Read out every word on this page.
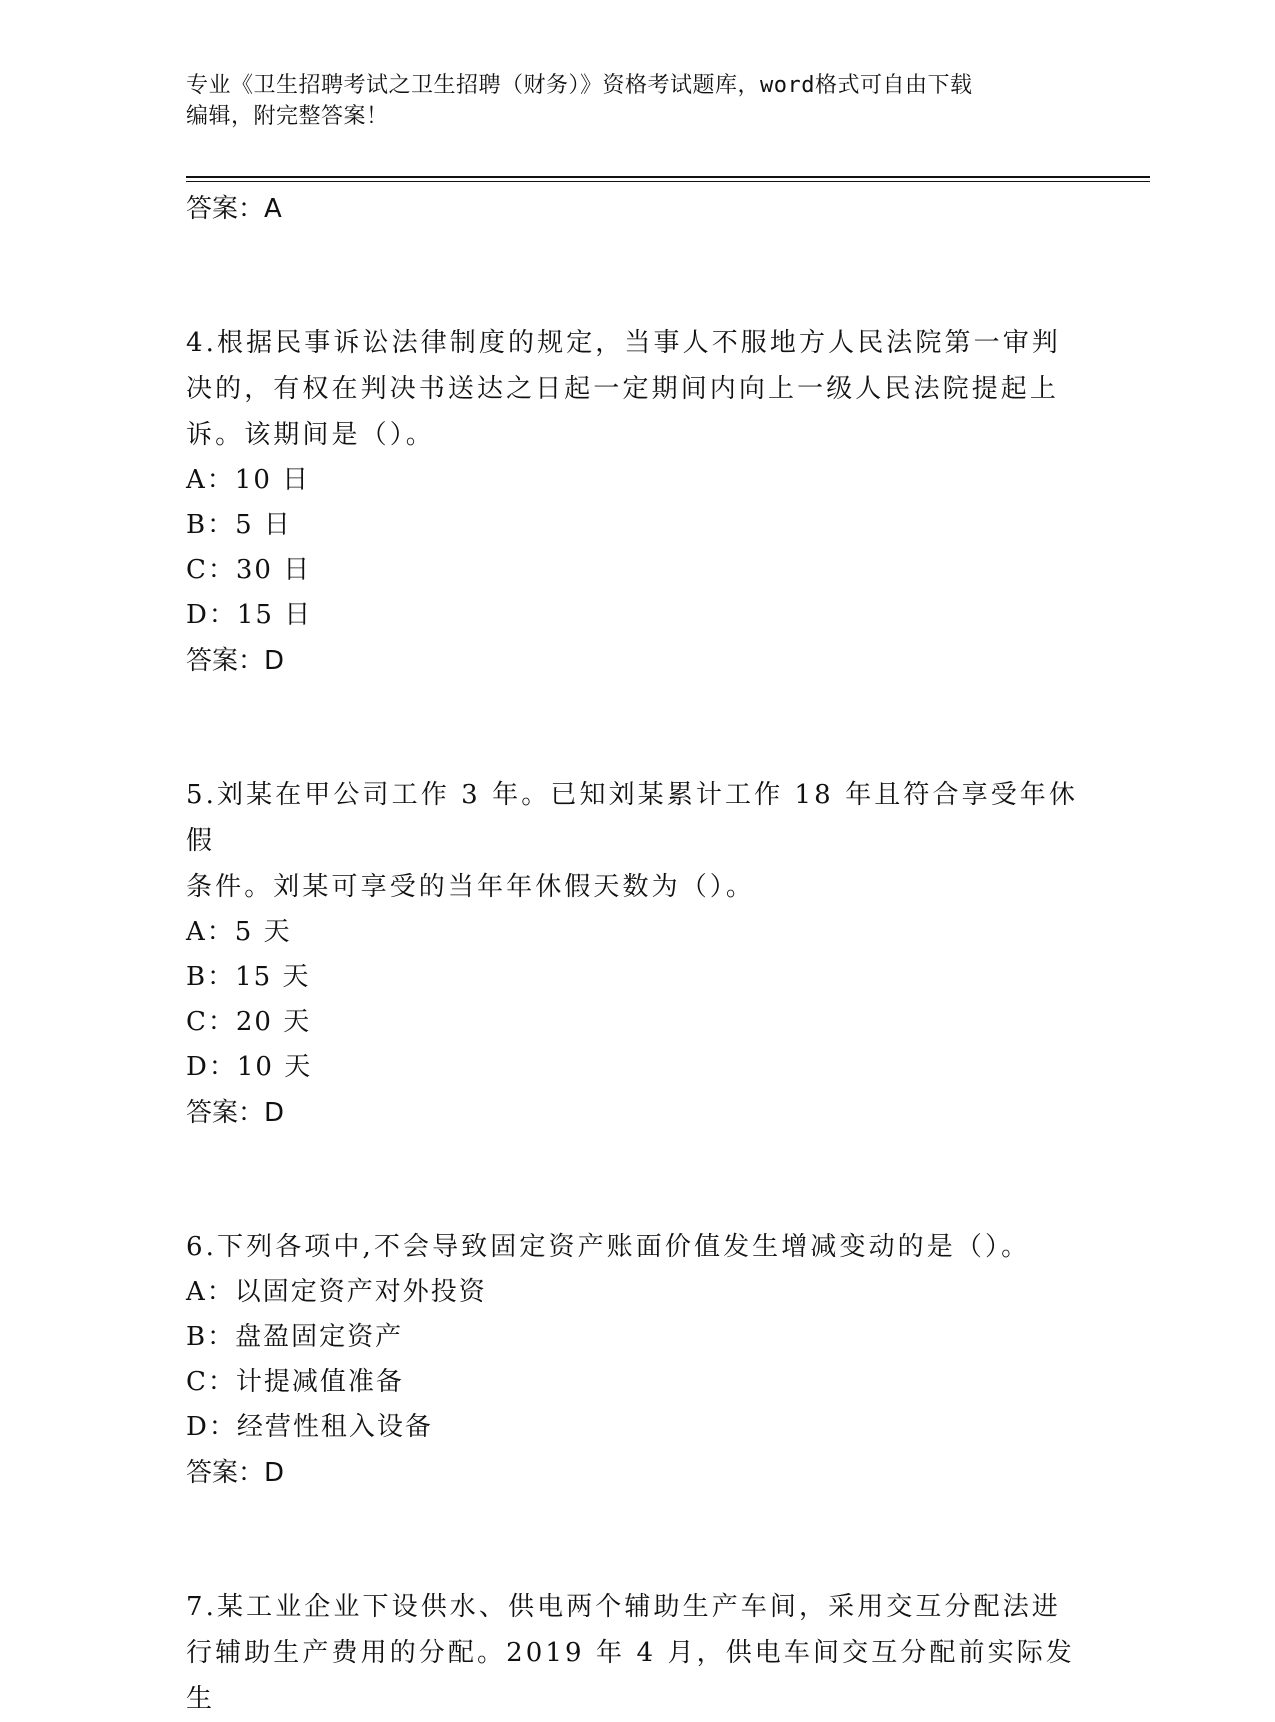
专业《卫生招聘考试之卫生招聘（财务）》资格考试题库，word格式可自由下载
编辑，附完整答案！
答案：A
4.根据民事诉讼法律制度的规定，当事人不服地方人民法院第一审判
决的，有权在判决书送达之日起一定期间内向上一级人民法院提起上
诉。该期间是（）。
A：10 日
B：5 日
C：30 日
D：15 日
答案：D
5.刘某在甲公司工作 3 年。已知刘某累计工作 18 年且符合享受年休假
条件。刘某可享受的当年年休假天数为（）。
A：5 天
B：15 天
C：20 天
D：10 天
答案：D
6.下列各项中,不会导致固定资产账面价值发生增减变动的是（）。
A：以固定资产对外投资
B：盘盈固定资产
C：计提减值准备
D：经营性租入设备
答案：D
7.某工业企业下设供水、供电两个辅助生产车间，采用交互分配法进
行辅助生产费用的分配。2019 年 4 月，供电车间交互分配前实际发生
